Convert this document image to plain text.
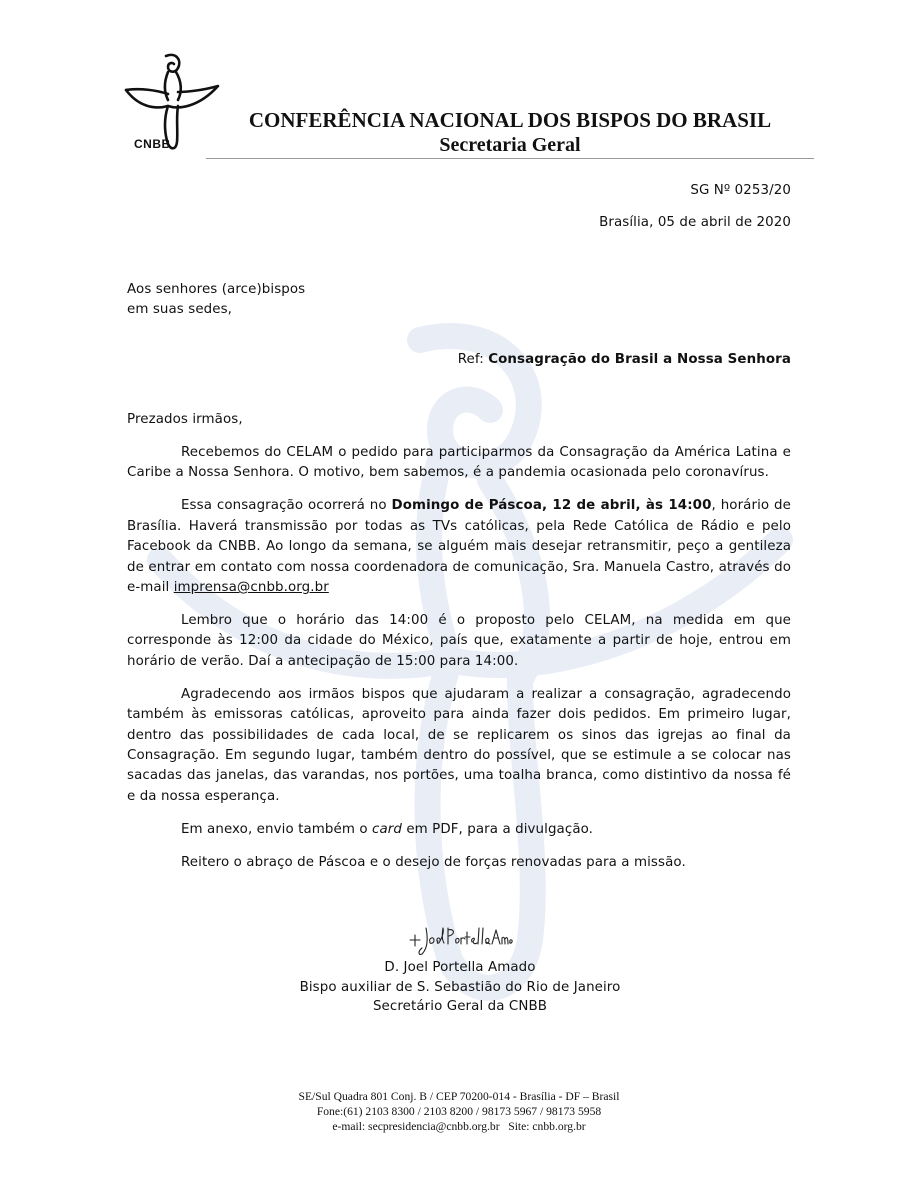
CNBB
CONFERÊNCIA NACIONAL DOS BISPOS DO BRASIL
Secretaria Geral
SG Nº 0253/20
Brasília, 05 de abril de 2020
Aos senhores (arce)bispos
em suas sedes,
Ref: Consagração do Brasil a Nossa Senhora
Prezados irmãos,

Recebemos do CELAM o pedido para participarmos da Consagração da América Latina e Caribe a Nossa Senhora. O motivo, bem sabemos, é a pandemia ocasionada pelo coronavírus.

Essa consagração ocorrerá no Domingo de Páscoa, 12 de abril, às 14:00, horário de Brasília. Haverá transmissão por todas as TVs católicas, pela Rede Católica de Rádio e pelo Facebook da CNBB. Ao longo da semana, se alguém mais desejar retransmitir, peço a gentileza de entrar em contato com nossa coordenadora de comunicação, Sra. Manuela Castro, através do e-mail imprensa@cnbb.org.br

Lembro que o horário das 14:00 é o proposto pelo CELAM, na medida em que corresponde às 12:00 da cidade do México, país que, exatamente a partir de hoje, entrou em horário de verão. Daí a antecipação de 15:00 para 14:00.

Agradecendo aos irmãos bispos que ajudaram a realizar a consagração, agradecendo também às emissoras católicas, aproveito para ainda fazer dois pedidos. Em primeiro lugar, dentro das possibilidades de cada local, de se replicarem os sinos das igrejas ao final da Consagração. Em segundo lugar, também dentro do possível, que se estimule a se colocar nas sacadas das janelas, das varandas, nos portões, uma toalha branca, como distintivo da nossa fé e da nossa esperança.

Em anexo, envio também o card em PDF, para a divulgação.

Reitero o abraço de Páscoa e o desejo de forças renovadas para a missão.

D. Joel Portella Amado
Bispo auxiliar de S. Sebastião do Rio de Janeiro
Secretário Geral da CNBB
SE/Sul Quadra 801 Conj. B / CEP 70200-014 - Brasília - DF – Brasil
Fone:(61) 2103 8300 / 2103 8200 / 98173 5967 / 98173 5958
e-mail: secpresidencia@cnbb.org.br   Site: cnbb.org.br
